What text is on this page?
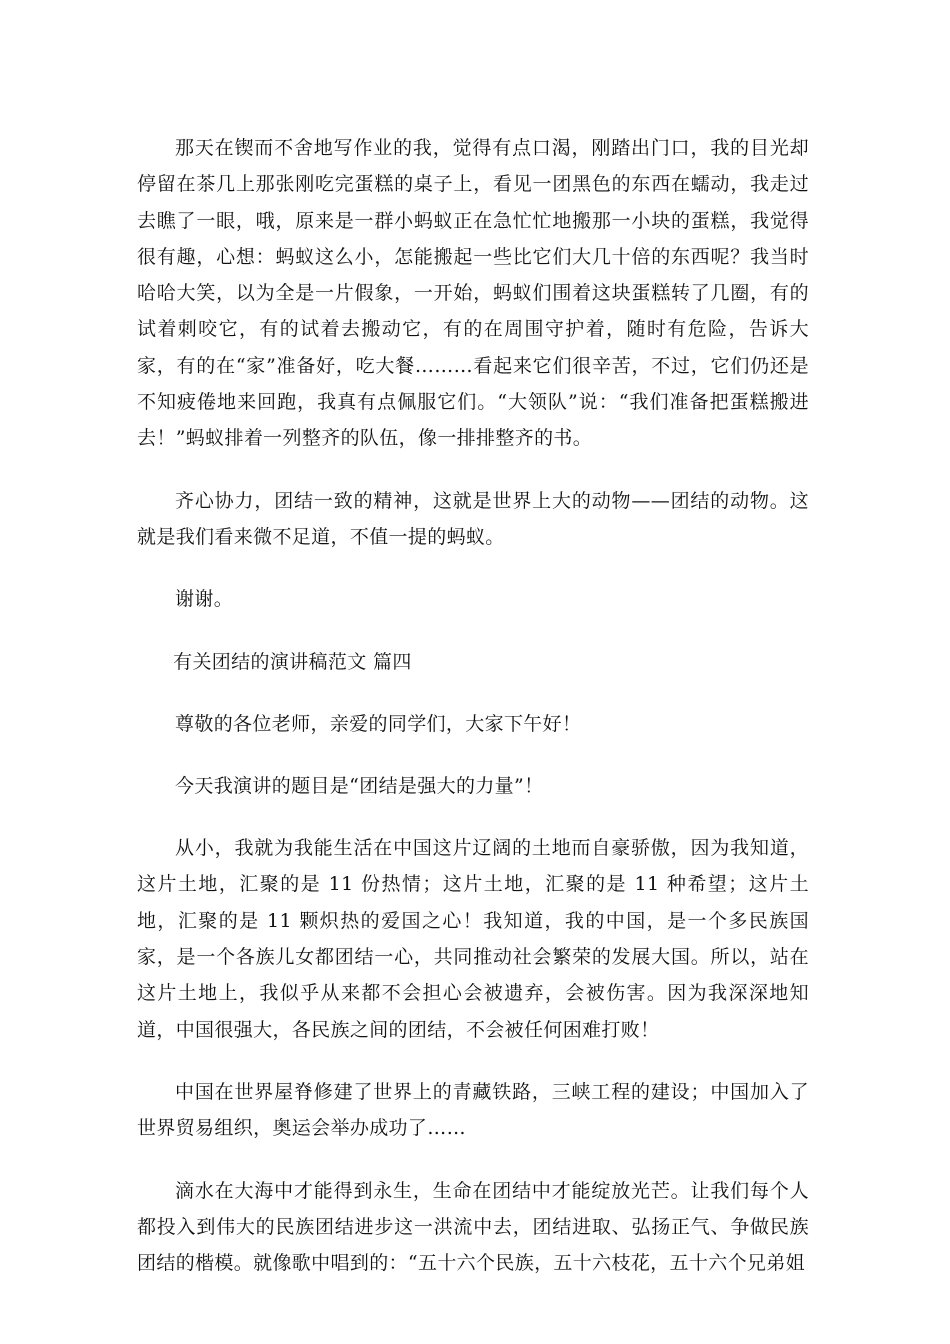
那天在锲而不舍地写作业的我，觉得有点口渴，刚踏出门口，我的目光却停留在茶几上那张刚吃完蛋糕的桌子上，看见一团黑色的东西在蠕动，我走过去瞧了一眼，哦，原来是一群小蚂蚁正在急忙忙地搬那一小块的蛋糕，我觉得很有趣，心想：蚂蚁这么小，怎能搬起一些比它们大几十倍的东西呢？我当时哈哈大笑，以为全是一片假象，一开始，蚂蚁们围着这块蛋糕转了几圈，有的试着刺咬它，有的试着去搬动它，有的在周围守护着，随时有危险，告诉大家，有的在“家”准备好，吃大餐………看起来它们很辛苦，不过，它们仍还是不知疲倦地来回跑，我真有点佩服它们。“大领队”说：“我们准备把蛋糕搬进去！”蚂蚁排着一列整齐的队伍，像一排排整齐的书。

齐心协力，团结一致的精神，这就是世界上大的动物——团结的动物。这就是我们看来微不足道，不值一提的蚂蚁。

谢谢。

有关团结的演讲稿范文 篇四

尊敬的各位老师，亲爱的同学们，大家下午好！

今天我演讲的题目是“团结是强大的力量”！

从小，我就为我能生活在中国这片辽阔的土地而自豪骄傲，因为我知道，这片土地，汇聚的是 11 份热情；这片土地，汇聚的是 11 种希望；这片土地，汇聚的是 11 颗炽热的爱国之心！我知道，我的中国，是一个多民族国家，是一个各族儿女都团结一心，共同推动社会繁荣的发展大国。所以，站在这片土地上，我似乎从来都不会担心会被遗弃，会被伤害。因为我深深地知道，中国很强大，各民族之间的团结，不会被任何困难打败！

中国在世界屋脊修建了世界上的青藏铁路，三峡工程的建设；中国加入了世界贸易组织，奥运会举办成功了……

滴水在大海中才能得到永生，生命在团结中才能绽放光芒。让我们每个人都投入到伟大的民族团结进步这一洪流中去，团结进取、弘扬正气、争做民族团结的楷模。就像歌中唱到的：“五十六个民族，五十六枝花，五十六个兄弟姐
